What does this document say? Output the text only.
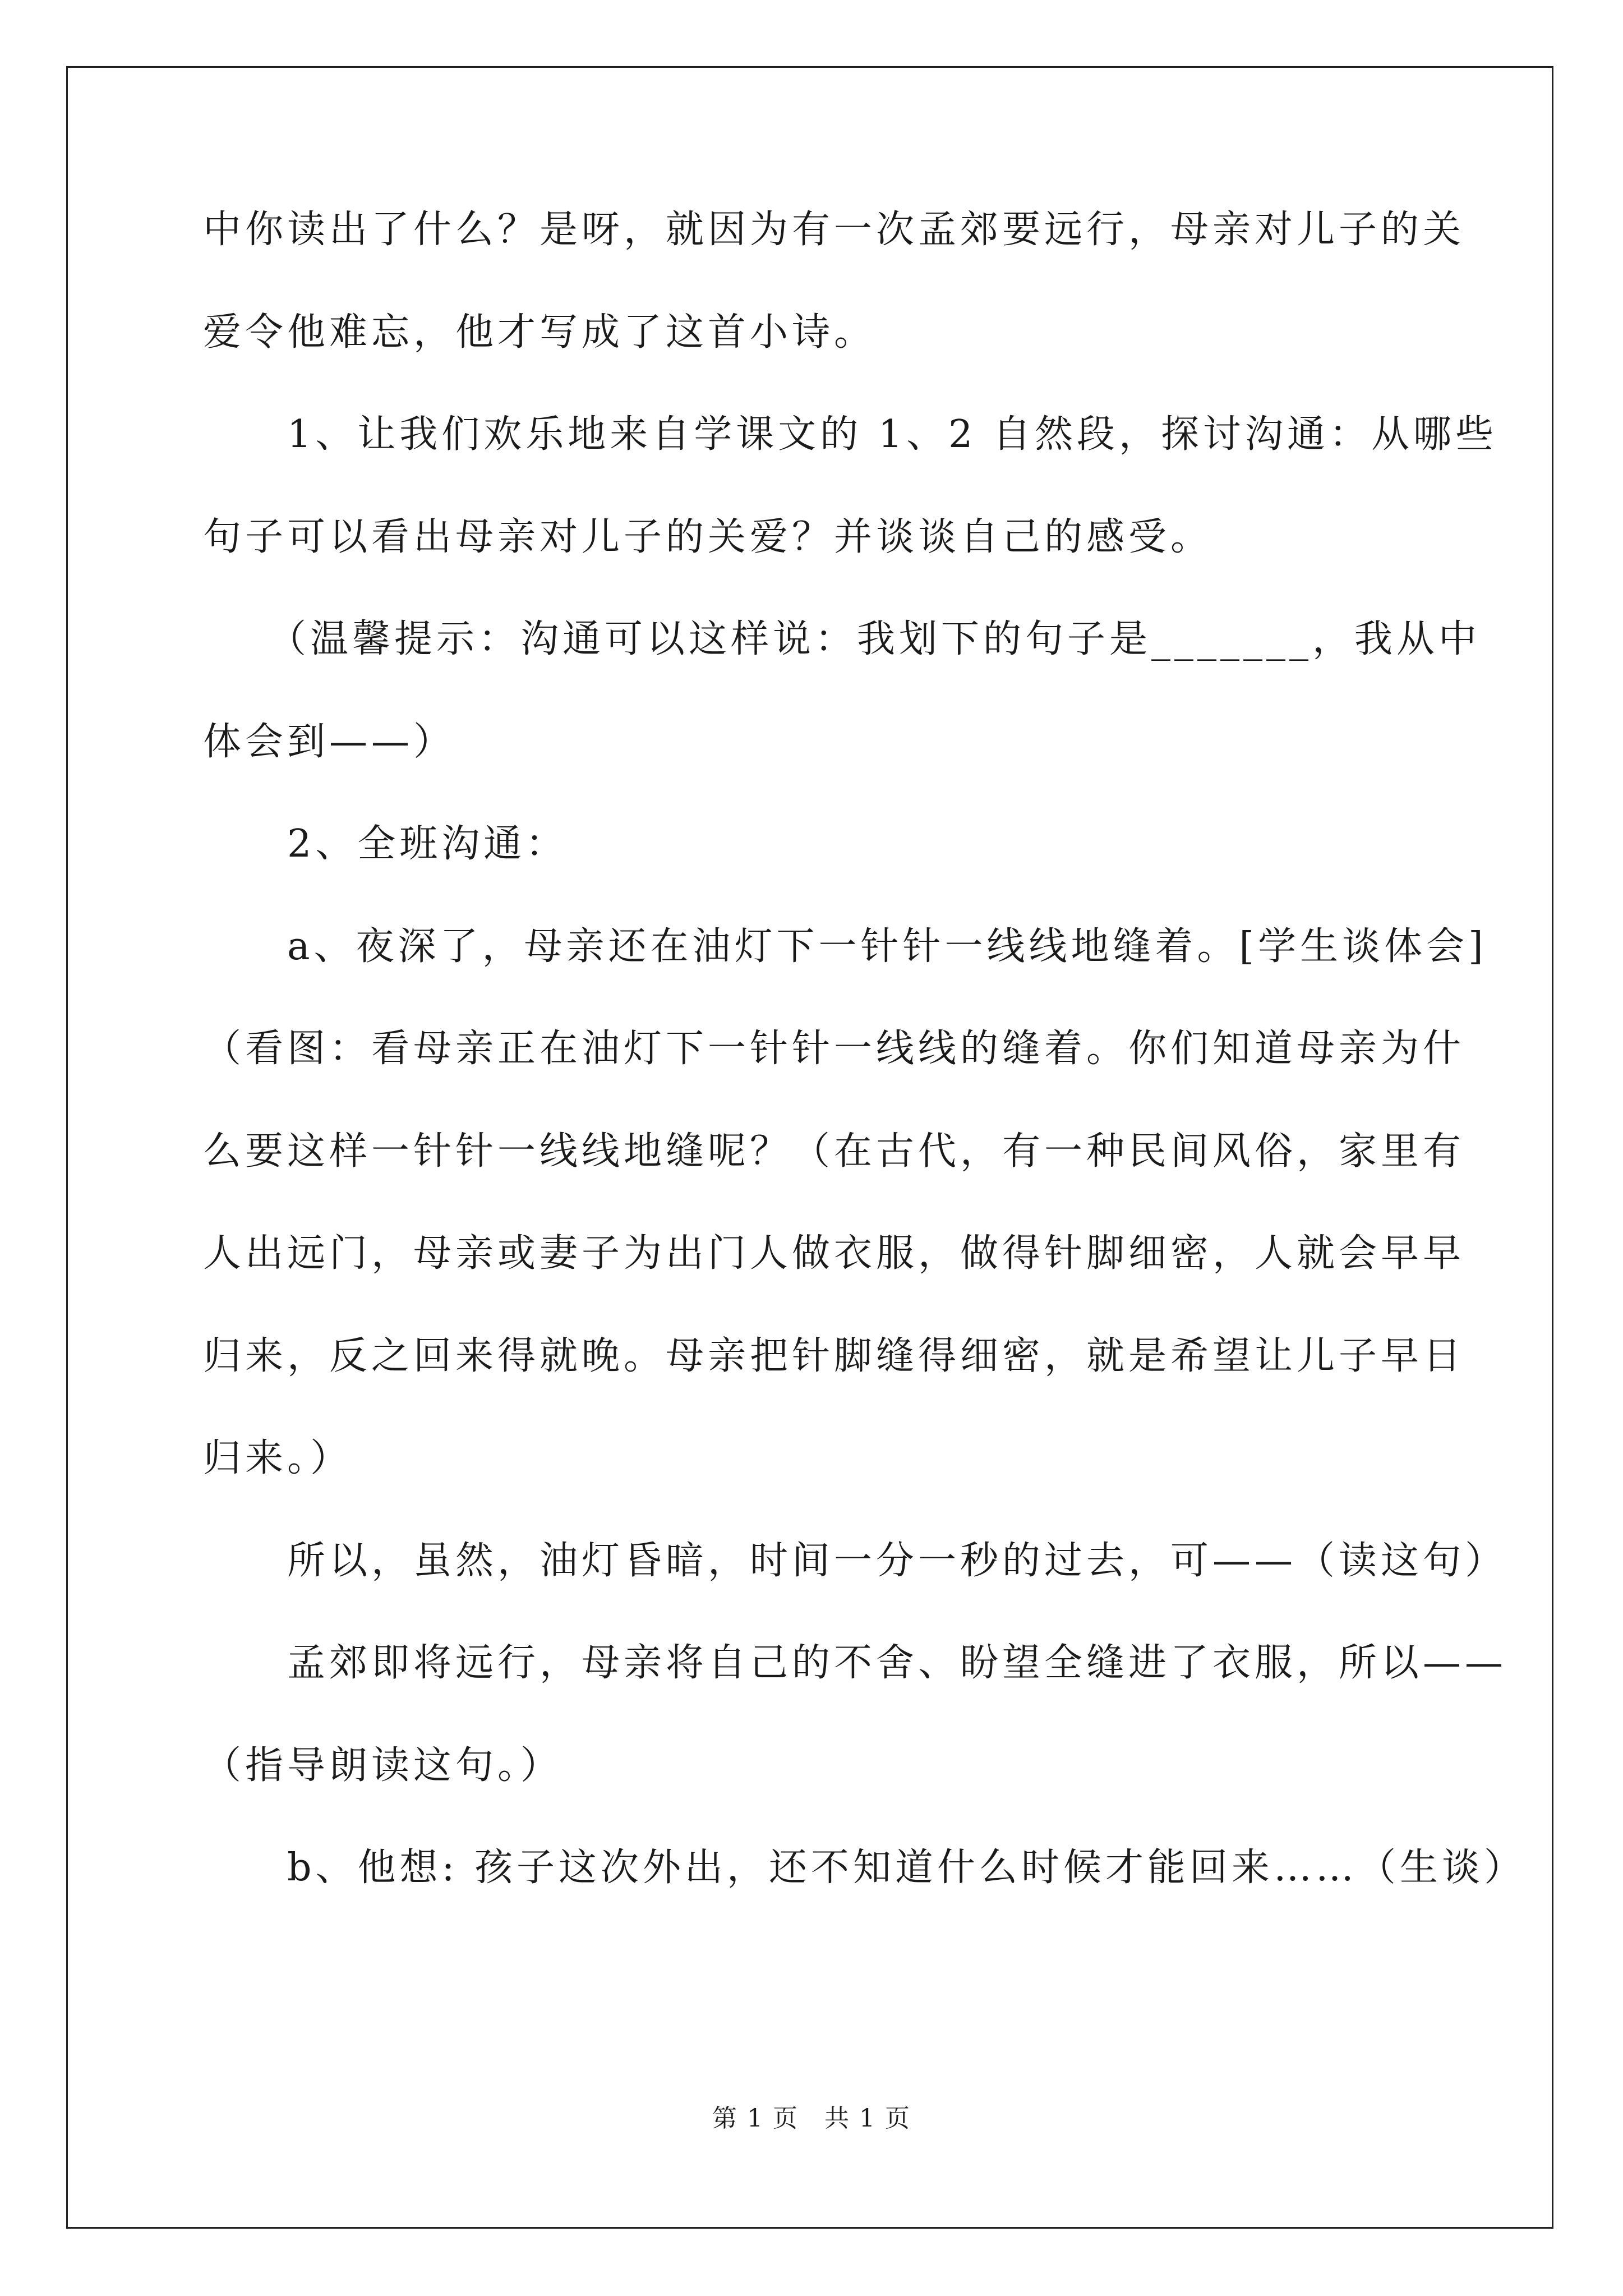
中你读出了什么？是呀，就因为有一次孟郊要远行，母亲对儿子的关
爱令他难忘，他才写成了这首小诗。
　　1、让我们欢乐地来自学课文的 1、2 自然段，探讨沟通：从哪些
句子可以看出母亲对儿子的关爱？并谈谈自己的感受。
　　（温馨提示：沟通可以这样说：我划下的句子是_______，我从中
体会到——）
　　2、全班沟通：
　　a、夜深了，母亲还在油灯下一针针一线线地缝着。[学生谈体会]
（看图：看母亲正在油灯下一针针一线线的缝着。你们知道母亲为什
么要这样一针针一线线地缝呢？（在古代，有一种民间风俗，家里有
人出远门，母亲或妻子为出门人做衣服，做得针脚细密，人就会早早
归来，反之回来得就晚。母亲把针脚缝得细密，就是希望让儿子早日
归来。）
　　所以，虽然，油灯昏暗，时间一分一秒的过去，可——（读这句）
　　孟郊即将远行，母亲将自己的不舍、盼望全缝进了衣服，所以——
（指导朗读这句。）
　　b、他想: 孩子这次外出，还不知道什么时候才能回来……（生谈）
第 1 页　共 1 页
